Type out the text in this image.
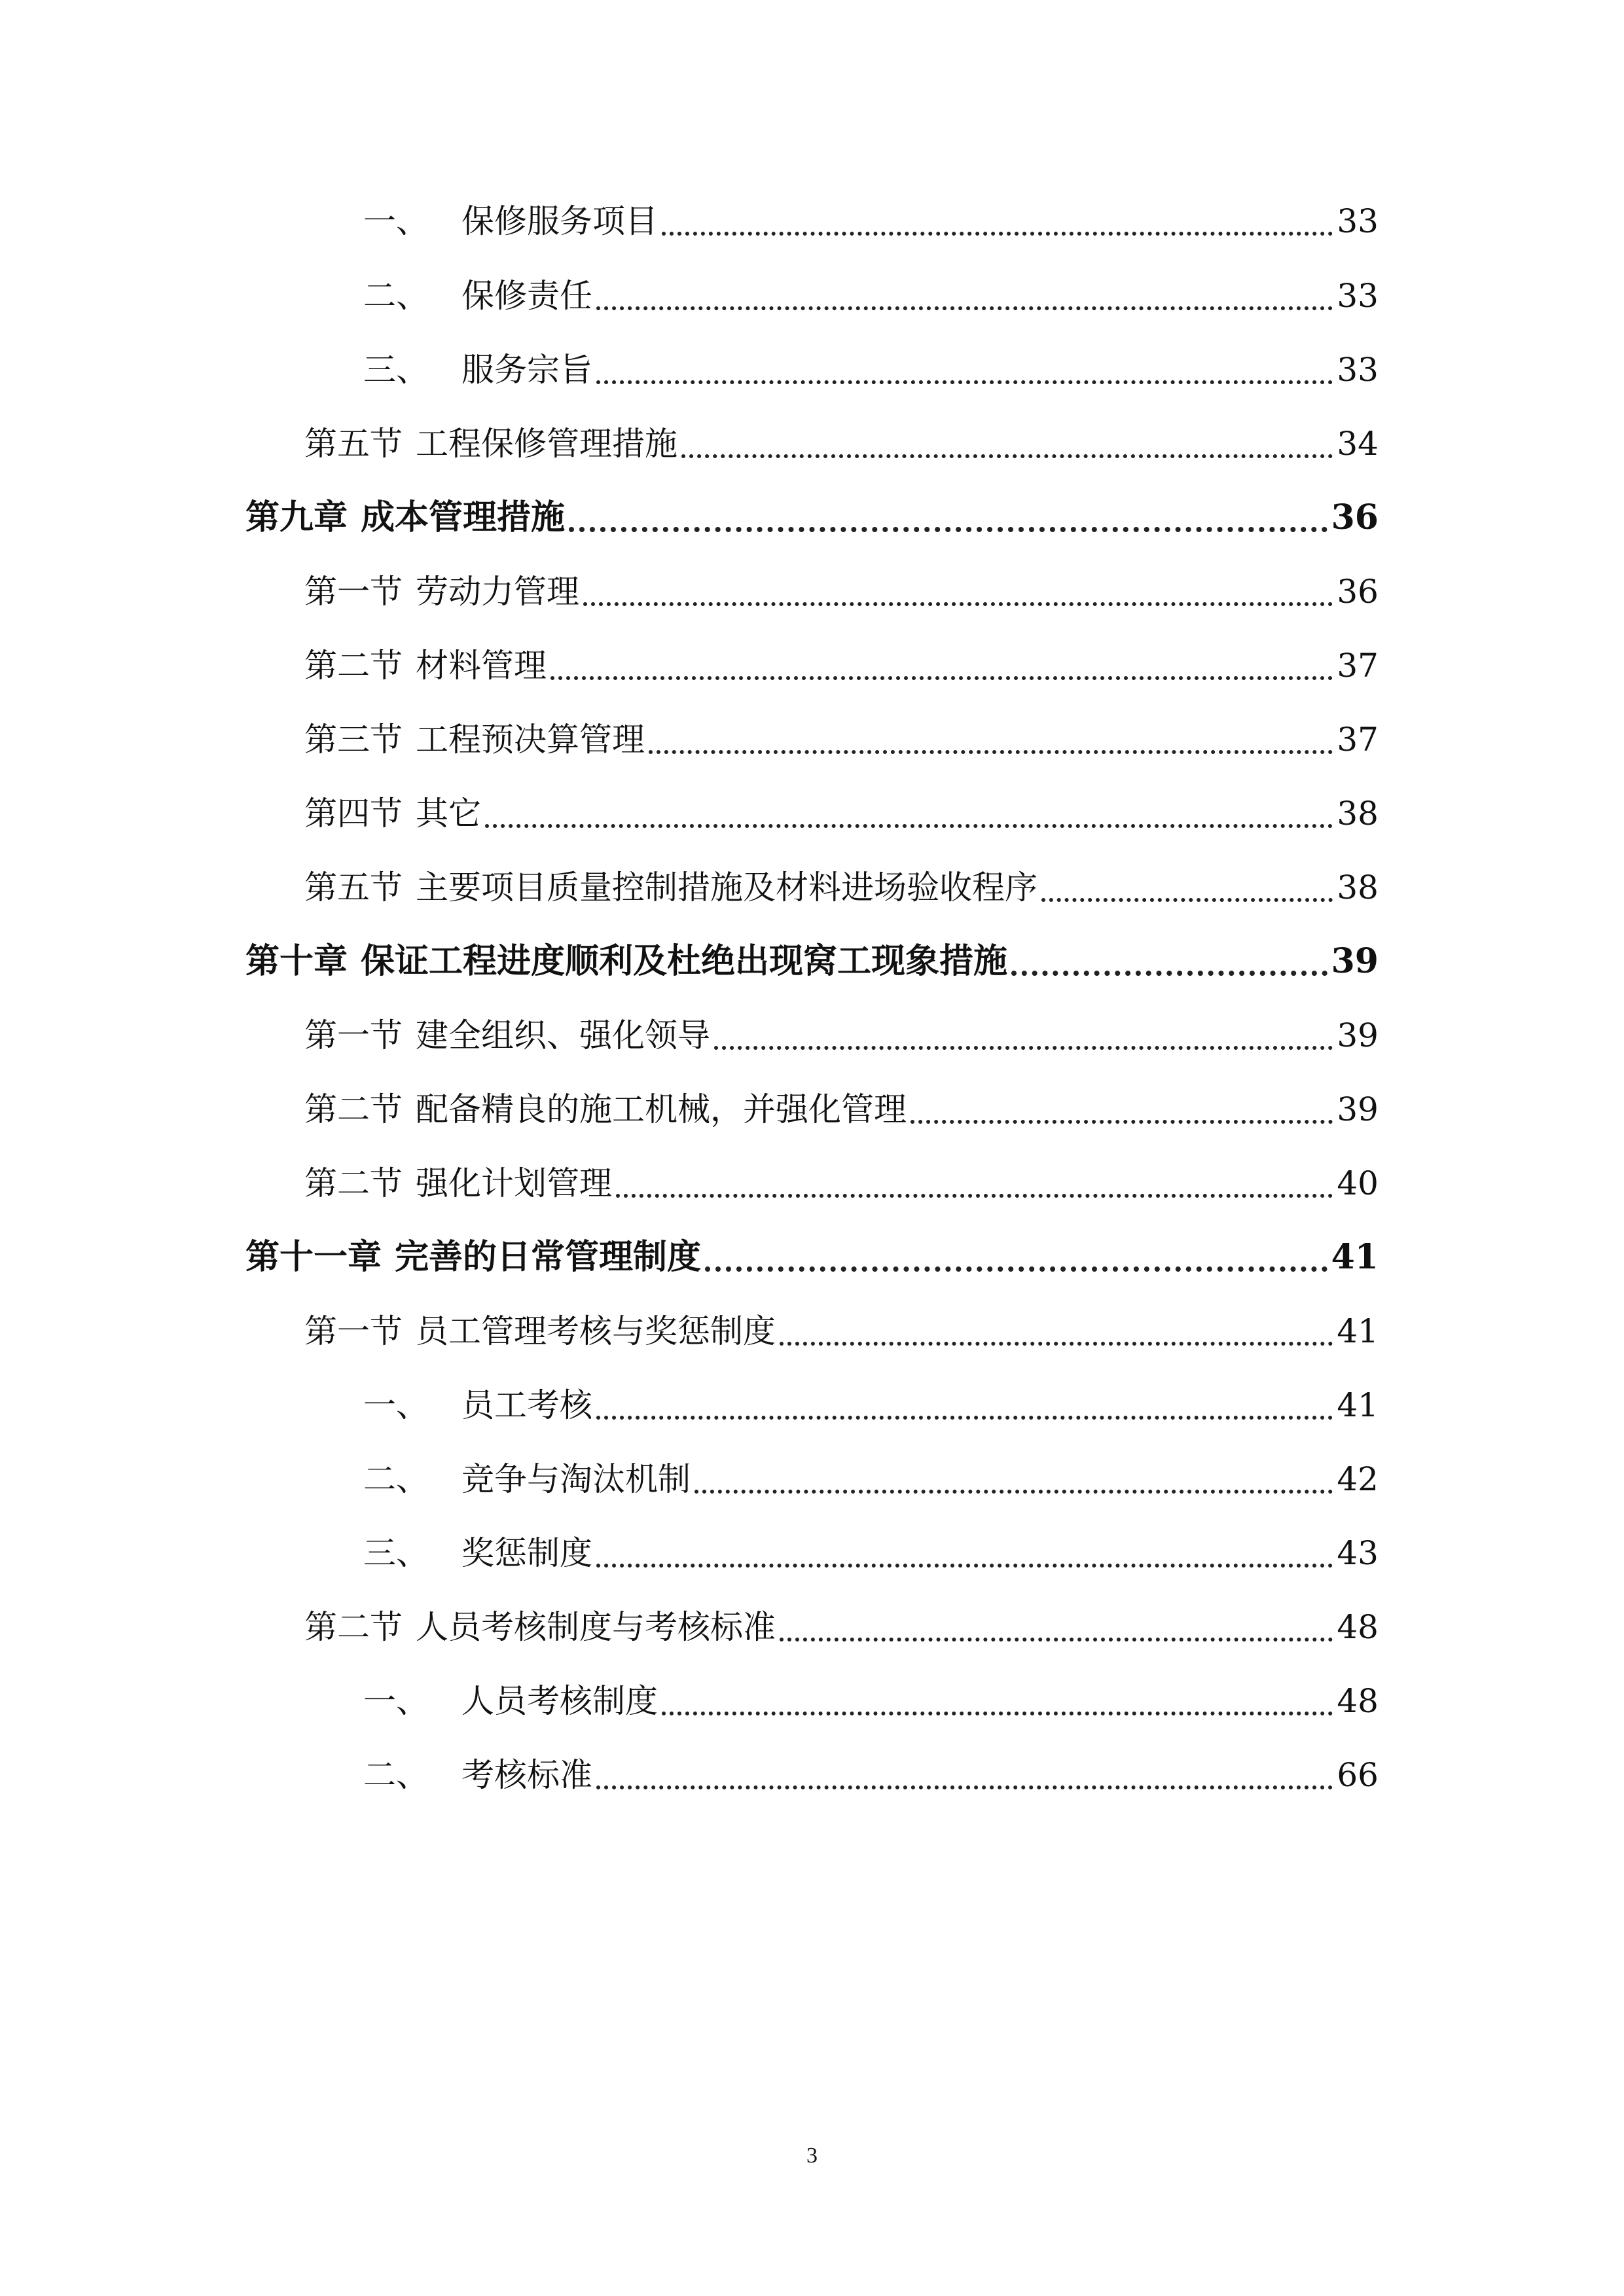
一、	保修服务项目	33
二、	保修责任	33
三、	服务宗旨	33
第五节 工程保修管理措施	34
第九章 成本管理措施	36
第一节 劳动力管理	36
第二节 材料管理	37
第三节 工程预决算管理	37
第四节 其它	38
第五节 主要项目质量控制措施及材料进场验收程序	38
第十章 保证工程进度顺利及杜绝出现窝工现象措施	39
第一节 建全组织、强化领导	39
第二节 配备精良的施工机械，并强化管理	39
第二节 强化计划管理	40
第十一章 完善的日常管理制度	41
第一节 员工管理考核与奖惩制度	41
一、	员工考核	41
二、	竞争与淘汰机制	42
三、	奖惩制度	43
第二节 人员考核制度与考核标准	48
一、	人员考核制度	48
二、	考核标准	66
3
